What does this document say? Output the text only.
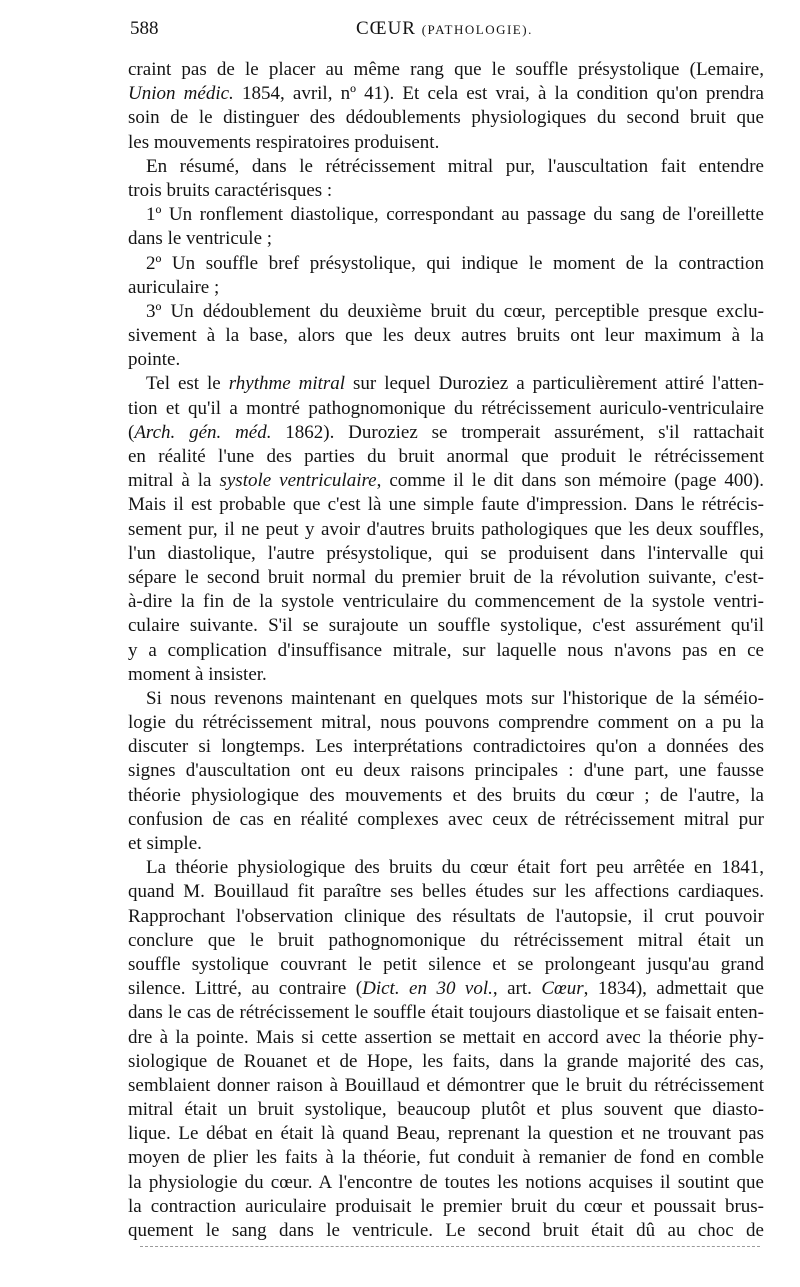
588	CŒUR (PATHOLOGIE).
craint pas de le placer au même rang que le souffle présystolique (Lemaire,
Union médic. 1854, avril, nº 41). Et cela est vrai, à la condition qu'on prendra
soin de le distinguer des dédoublements physiologiques du second bruit que
les mouvements respiratoires produisent.
En résumé, dans le rétrécissement mitral pur, l'auscultation fait entendre
trois bruits caractérisques :
1º Un ronflement diastolique, correspondant au passage du sang de l'oreillette
dans le ventricule ;
2º Un souffle bref présystolique, qui indique le moment de la contraction
auriculaire ;
3º Un dédoublement du deuxième bruit du cœur, perceptible presque exclu-
sivement à la base, alors que les deux autres bruits ont leur maximum à la
pointe.
Tel est le rhythme mitral sur lequel Duroziez a particulièrement attiré l'atten-
tion et qu'il a montré pathognomonique du rétrécissement auriculo-ventriculaire
(Arch. gén. méd. 1862). Duroziez se tromperait assurément, s'il rattachait
en réalité l'une des parties du bruit anormal que produit le rétrécissement
mitral à la systole ventriculaire, comme il le dit dans son mémoire (page 400).
Mais il est probable que c'est là une simple faute d'impression. Dans le rétrécis-
sement pur, il ne peut y avoir d'autres bruits pathologiques que les deux souffles,
l'un diastolique, l'autre présystolique, qui se produisent dans l'intervalle qui
sépare le second bruit normal du premier bruit de la révolution suivante, c'est-
à-dire la fin de la systole ventriculaire du commencement de la systole ventri-
culaire suivante. S'il se surajoute un souffle systolique, c'est assurément qu'il
y a complication d'insuffisance mitrale, sur laquelle nous n'avons pas en ce
moment à insister.
Si nous revenons maintenant en quelques mots sur l'historique de la séméio-
logie du rétrécissement mitral, nous pouvons comprendre comment on a pu la
discuter si longtemps. Les interprétations contradictoires qu'on a données des
signes d'auscultation ont eu deux raisons principales : d'une part, une fausse
théorie physiologique des mouvements et des bruits du cœur ; de l'autre, la
confusion de cas en réalité complexes avec ceux de rétrécissement mitral pur
et simple.
La théorie physiologique des bruits du cœur était fort peu arrêtée en 1841,
quand M. Bouillaud fit paraître ses belles études sur les affections cardiaques.
Rapprochant l'observation clinique des résultats de l'autopsie, il crut pouvoir
conclure que le bruit pathognomonique du rétrécissement mitral était un
souffle systolique couvrant le petit silence et se prolongeant jusqu'au grand
silence. Littré, au contraire (Dict. en 30 vol., art. Cœur, 1834), admettait que
dans le cas de rétrécissement le souffle était toujours diastolique et se faisait enten-
dre à la pointe. Mais si cette assertion se mettait en accord avec la théorie phy-
siologique de Rouanet et de Hope, les faits, dans la grande majorité des cas,
semblaient donner raison à Bouillaud et démontrer que le bruit du rétrécissement
mitral était un bruit systolique, beaucoup plutôt et plus souvent que diasto-
lique. Le débat en était là quand Beau, reprenant la question et ne trouvant pas
moyen de plier les faits à la théorie, fut conduit à remanier de fond en comble
la physiologie du cœur. A l'encontre de toutes les notions acquises il soutint que
la contraction auriculaire produisait le premier bruit du cœur et poussait brus-
quement le sang dans le ventricule. Le second bruit était dû au choc de
